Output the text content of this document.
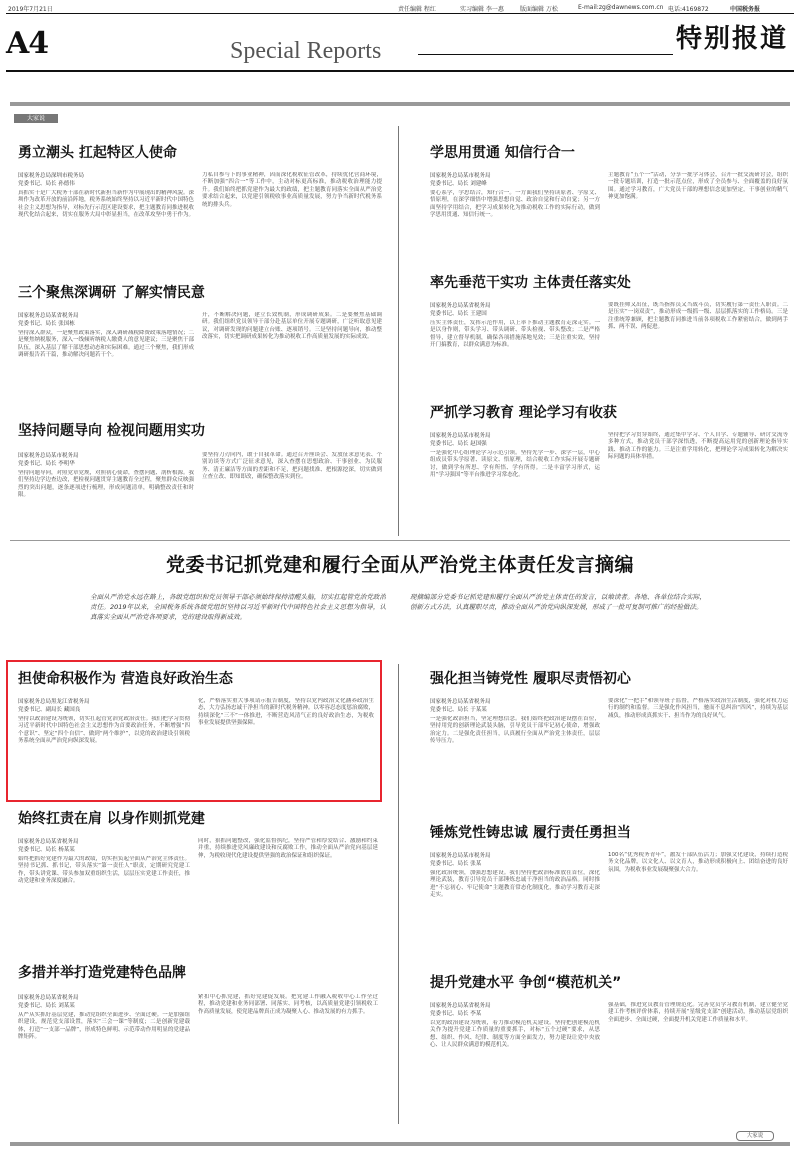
2019年7月21日	责任编辑 程红	实习编辑 李一惠	版面编辑 万松	E-mail:zg@dawnews.com.cn 电话:4169872	中国税务报
A4	Special Reports	特别报道
大家说
勇立潮头 扛起特区人使命
国家税务总局深圳市税务局
党委书记、局长 孙德伟
真抓实干是广大税务干部在新时代新担当新作为中展现出的精神风貌。深圳作为改革开放的前沿阵地，税务系统始终坚持以习近平新时代中国特色社会主义思想为指导，对标先行示范区建设要求，把主题教育同推进税收现代化结合起来，切实在服务大局中彰显担当，在改革攻坚中勇于作为。
力私自参与下的事业精神，因而深化税收征管改革，持续优化营商环境，不断加强“四合一”等工作中，主动对标更高标准，推动税收治理能力提升。我们始终把抓党建作为最大的政绩，把主题教育同落实全面从严治党要求结合起来，以党建引领税收事业高质量发展，努力争当新时代税务系统的排头兵。
三个聚焦深调研 了解实情民意
国家税务总局某省税务局
党委书记、局长 张国栋
坚持深入群众，一是聚焦政策落实，深入调研减税降费政策落地情况；二是聚焦纳税服务，深入一线倾听纳税人缴费人的意见建议；三是聚焦干部队伍，深入基层了解干部思想动态和实际困难。通过三个聚焦，我们形成调研报告若干篇，推动解决问题若干个。
开，不断解决问题，建立长效机制，形成调研成果。二是要聚焦基础调研。我们组织党员领导干部分赴基层单位开展专题调研，广泛听取意见建议，对调研发现的问题建立台账、逐项销号。三是坚持问题导向，推动整改落实，切实把调研成果转化为推动税收工作高质量发展的实际成效。
坚持问题导向 检视问题用实功
国家税务总局某市税务局
党委书记、局长 李明华
坚持问题导向，对照党章党规，对照初心使命，查摆问题、剖析根源。我们坚持边学边查边改，把检视问题贯穿主题教育全过程，聚焦群众反映强烈的突出问题，逐条逐项进行梳理，形成问题清单，明确整改责任和时限。
要坚持刀刃向内，敢于自我革命。通过召开座谈会、发放征求意见表、个别访谈等方式广泛征求意见，深入查摆在思想政治、干事创业、为民服务、清正廉洁等方面的差距和不足，把问题找准、把根源挖深，切实做到立查立改、即知即改，确保整改落实到位。
学思用贯通 知信行合一
国家税务总局某市税务局
党委书记、局长 刘建峰
要心系学，学思结合，知行合一。一方面我们坚持读原著、学原文、悟原理，在深学细悟中增强思想自觉、政治自觉和行动自觉；另一方面坚持学用结合，把学习成果转化为推动税收工作的实际行动，做到学思用贯通、知信行统一。
主题教育“五个一”活动，分享一批学习体会，召开一批交流研讨会，组织一批专题培训，打造一批示范点位，形成了全员参与、全面覆盖的良好氛围。通过学习教育，广大党员干部的理想信念更加坚定，干事创业的精气神更加饱满。
率先垂范干实功 主体责任落实处
国家税务总局某省税务局
党委书记、局长 王建国
压实主体责任，发挥示范作用，以上率下推动主题教育走深走实。一是以身作则，带头学习、带头调研、带头检视、带头整改；二是严格督导，建立督导机制，确保各项措施落地见效；三是注重实效，坚持开门搞教育，以群众满意为标准。
要既挂帅又出征，既当指挥员又当战斗员，切实履行第一责任人职责。二是压实“一岗双责”，推动形成一级抓一级、层层抓落实的工作格局。三是注重统筹兼顾，把主题教育同推进当前各项税收工作紧密结合，做到两手抓、两不误、两促进。
严抓学习教育 理论学习有收获
国家税务总局某市税务局
党委书记、局长 赵国强
一是强化中心组理论学习示范引领。坚持先学一步、深学一层，中心组成员带头学原著、读原文、悟原理，结合税收工作实际开展专题研讨，做到学有所思、学有所悟、学有所得。二是丰富学习形式，运用“学习强国”等平台推进学习常态化。
坚持把学习贯穿始终，通过集中学习、个人自学、专题辅导、研讨交流等多种方式，推动党员干部学深悟透，不断提高运用党的创新理论指导实践、推动工作的能力。三是注重学用转化，把理论学习成果转化为解决实际问题的具体举措。
党委书记抓党建和履行全面从严治党主体责任发言摘编
全面从严治党永远在路上，各级党组织和党员领导干部必须始终保持清醒头脑，切实扛起管党治党政治责任。2019年以来，全国税务系统各级党组织坚持以习近平新时代中国特色社会主义思想为指导，认真落实全面从严治党各项要求，党的建设取得新成效。
现摘编部分党委书记抓党建和履行全面从严治党主体责任的发言，以飨读者。各地、各单位结合实际，创新方式方法，认真履职尽责，推动全面从严治党向纵深发展，形成了一批可复制可推广的经验做法。
担使命积极作为 营造良好政治生态
国家税务总局黑龙江省税务局
党委书记、副局长 藏国良
坚持以政治建设为统领，切实扛起管党治党政治责任。我们把学习贯彻习近平新时代中国特色社会主义思想作为首要政治任务，不断增强“四个意识”、坚定“四个自信”、做到“两个维护”，以党的政治建设引领税务系统全面从严治党向纵深发展。
化，严格落实重大事项请示报告制度，坚持以党内政治文化涵养政治生态，大力弘扬忠诚干净担当的新时代税务精神。以零容忍态度惩治腐败，持续深化“三不”一体推进，不断营造风清气正的良好政治生态，为税收事业发展提供坚强保障。
始终扛责在肩 以身作则抓党建
国家税务总局某省税务局
党委书记、局长 杨某某
始终把抓好党建作为最大的政绩，切实担负起全面从严治党主体责任。坚持书记抓、抓书记，带头落实“第一责任人”职责，定期研究党建工作，带头讲党课、带头参加双重组织生活，层层压实党建工作责任，推动党建和业务深度融合。
同时，狠抓问题整改，强化监督执纪，坚持严管和厚爱结合、激励和约束并重，持续推进党风廉政建设和反腐败工作，推动全面从严治党向基层延伸，为税收现代化建设提供坚强的政治保证和组织保证。
多措并举打造党建特色品牌
国家税务总局某省税务局
党委书记、局长 刘某某
从严从实抓好基层党建，推动党组织全面进步、全面过硬。一是加强组织建设，规范党支部设置，落实“三会一课”等制度；二是创新党建载体，打造“一支部一品牌”，形成特色鲜明、示范带动作用明显的党建品牌矩阵。
紧扣中心抓党建，抓好党建促发展。把党建工作融入税收中心工作全过程，推动党建和业务同部署、同落实、同考核，以高质量党建引领税收工作高质量发展，使党建品牌真正成为凝聚人心、推动发展的有力抓手。
强化担当铸党性 履职尽责悟初心
国家税务总局某省税务局
党委书记、局长 于某某
一是强化政治担当，坚定理想信念。我们始终把政治建设摆在首位，坚持用党的创新理论武装头脑，引导党员干部牢记初心使命，增强政治定力。二是强化责任担当，认真履行全面从严治党主体责任，层层传导压力。
要深化“一把手”和领导班子监督，严格落实政治生活制度，强化对权力运行的制约和监督。三是强化作风担当，驰而不息纠治“四风”，持续为基层减负，推动形成真抓实干、担当作为的良好风气。
锤炼党性铸忠诚 履行责任勇担当
国家税务总局某市税务局
党委书记、局长 张某
强化政治统领，加强思想建设。我们坚持把政治标准放在首位，深化理论武装，教育引导党员干部锤炼忠诚干净担当的政治品格。同时推进“不忘初心、牢记使命”主题教育常态化制度化，推动学习教育走深走实。
100名“优秀税务青年”，激发干部队伍活力；加强文化建设，持续打造税务文化品牌，以文化人、以文育人，推动形成积极向上、团结奋进的良好氛围，为税收事业发展凝聚强大合力。
提升党建水平 争创“模范机关”
国家税务总局某省税务局
党委书记、局长 李某
以党的政治建设为统领，着力推动模范机关建设。坚持把创建模范机关作为提升党建工作质量的重要抓手，对标“五个过硬”要求，从思想、组织、作风、纪律、制度等方面全面发力，努力建设让党中央放心、让人民群众满意的模范机关。
强基础，推进党员教育管理规范化。完善党员学习教育机制，建立健全党建工作考核评价体系，持续开展“星级党支部”创建活动，推动基层党组织全面进步、全面过硬，全面提升机关党建工作质量和水平。
大家说
